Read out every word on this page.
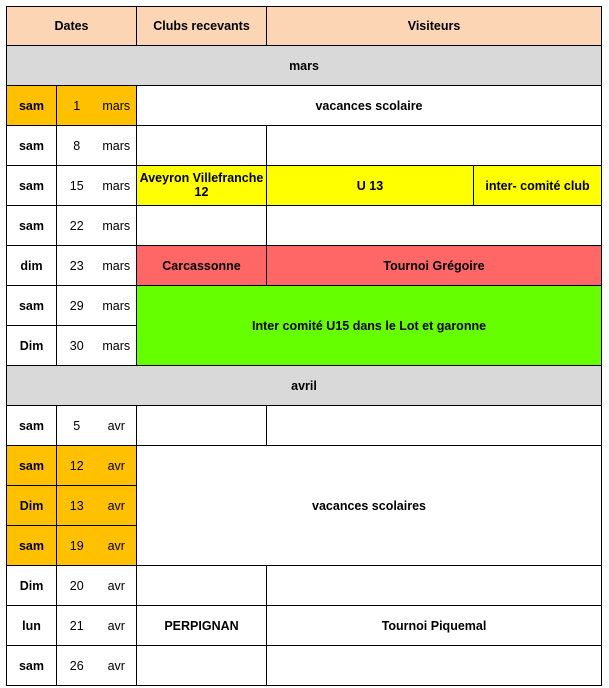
Dates			Clubs recevants	Visiteurs	
mars					
sam	1	mars	vacances scolaire		
sam	8	mars			
sam	15	mars	Aveyron Villefranche 12	U 13	inter- comité club
sam	22	mars			
dim	23	mars	Carcassonne	Tournoi Grégoire	
sam	29	mars	Inter comité U15 dans le Lot et garonne		
Dim	30	mars			
avril					
sam	5	avr			
sam	12	avr	vacances scolaires		
Dim	13	avr			
sam	19	avr			
Dim	20	avr			
lun	21	avr	PERPIGNAN	Tournoi Piquemal	
sam	26	avr			
